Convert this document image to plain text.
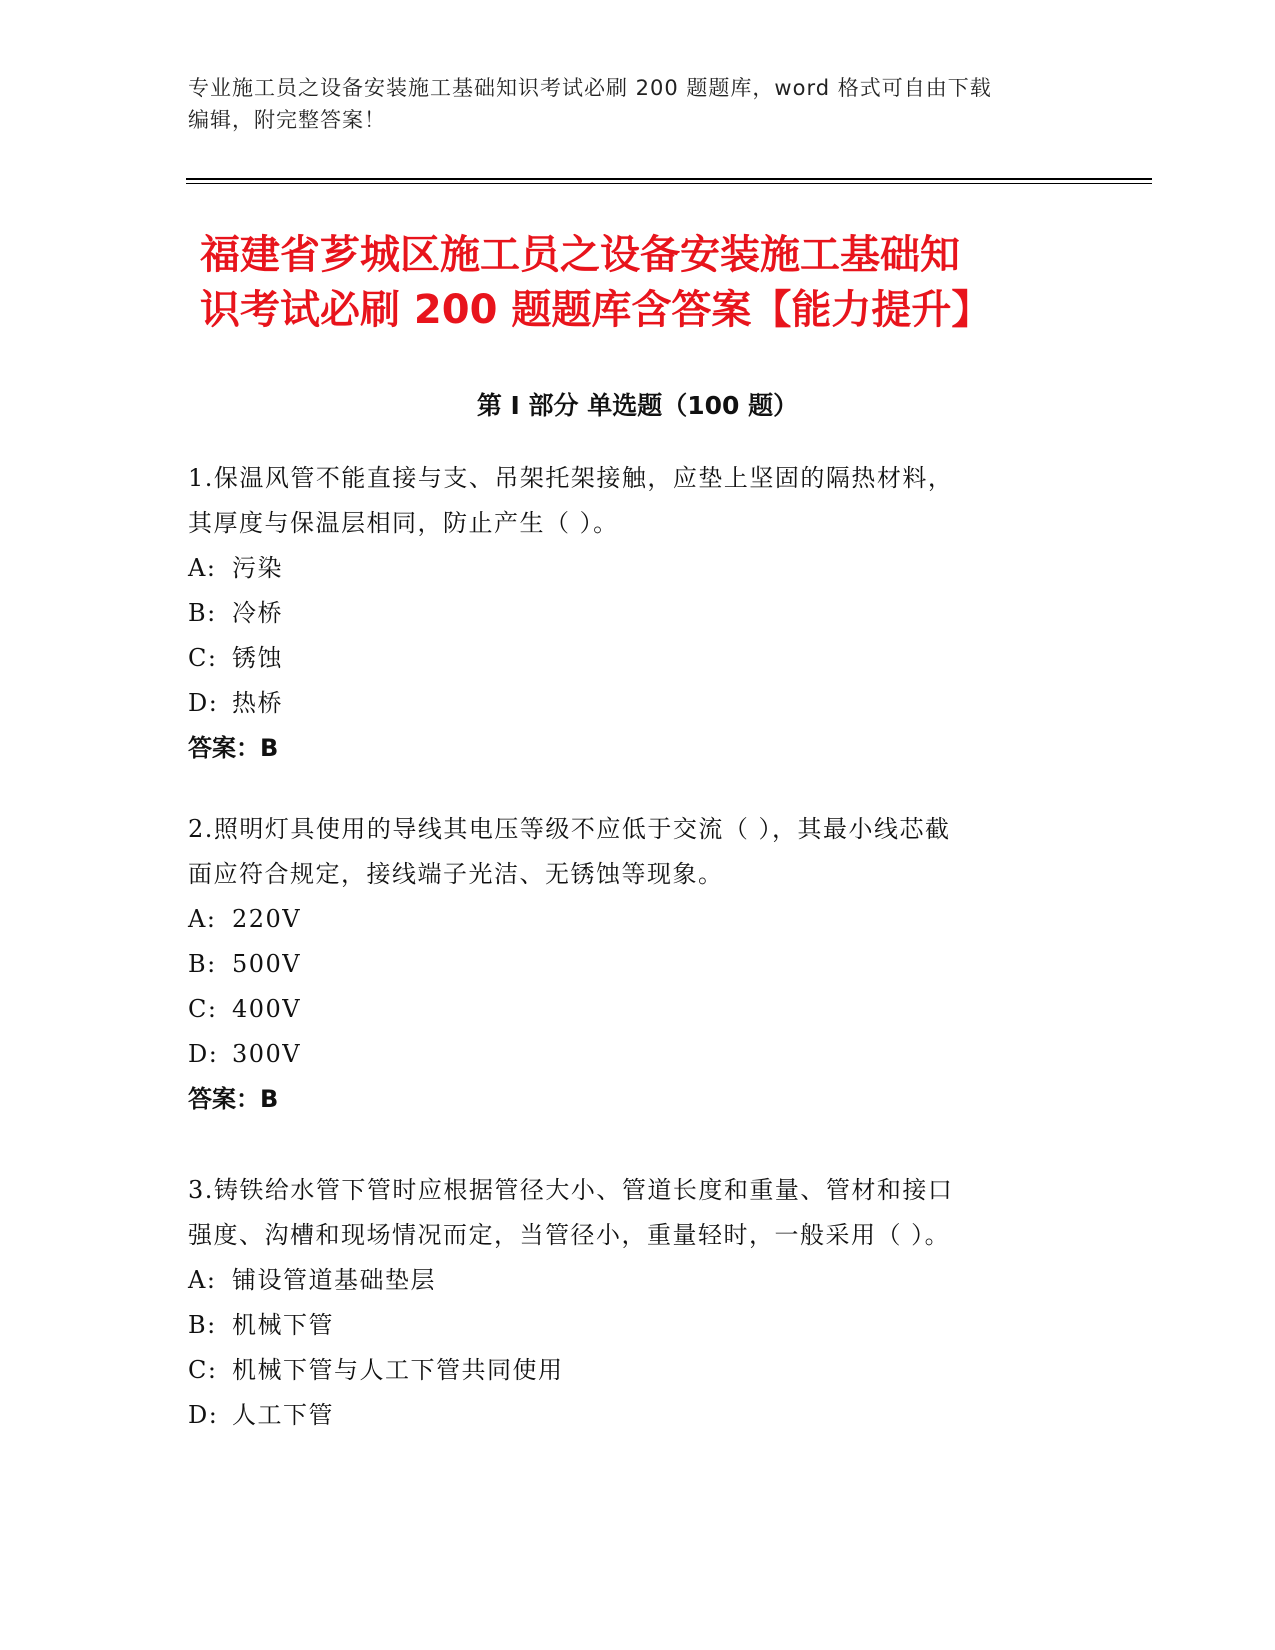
专业施工员之设备安装施工基础知识考试必刷 200 题题库，word 格式可自由下载
编辑，附完整答案！
福建省芗城区施工员之设备安装施工基础知
识考试必刷 200 题题库含答案【能力提升】
第 I 部分 单选题（100 题）
1.保温风管不能直接与支、吊架托架接触，应垫上坚固的隔热材料，
其厚度与保温层相同，防止产生（ ）。
A: 污染
B: 冷桥
C: 锈蚀
D: 热桥
答案：B
2.照明灯具使用的导线其电压等级不应低于交流（ ），其最小线芯截
面应符合规定，接线端子光洁、无锈蚀等现象。
A: 220V
B: 500V
C: 400V
D: 300V
答案：B
3.铸铁给水管下管时应根据管径大小、管道长度和重量、管材和接口
强度、沟槽和现场情况而定，当管径小，重量轻时，一般采用（ ）。
A: 铺设管道基础垫层
B: 机械下管
C: 机械下管与人工下管共同使用
D: 人工下管
